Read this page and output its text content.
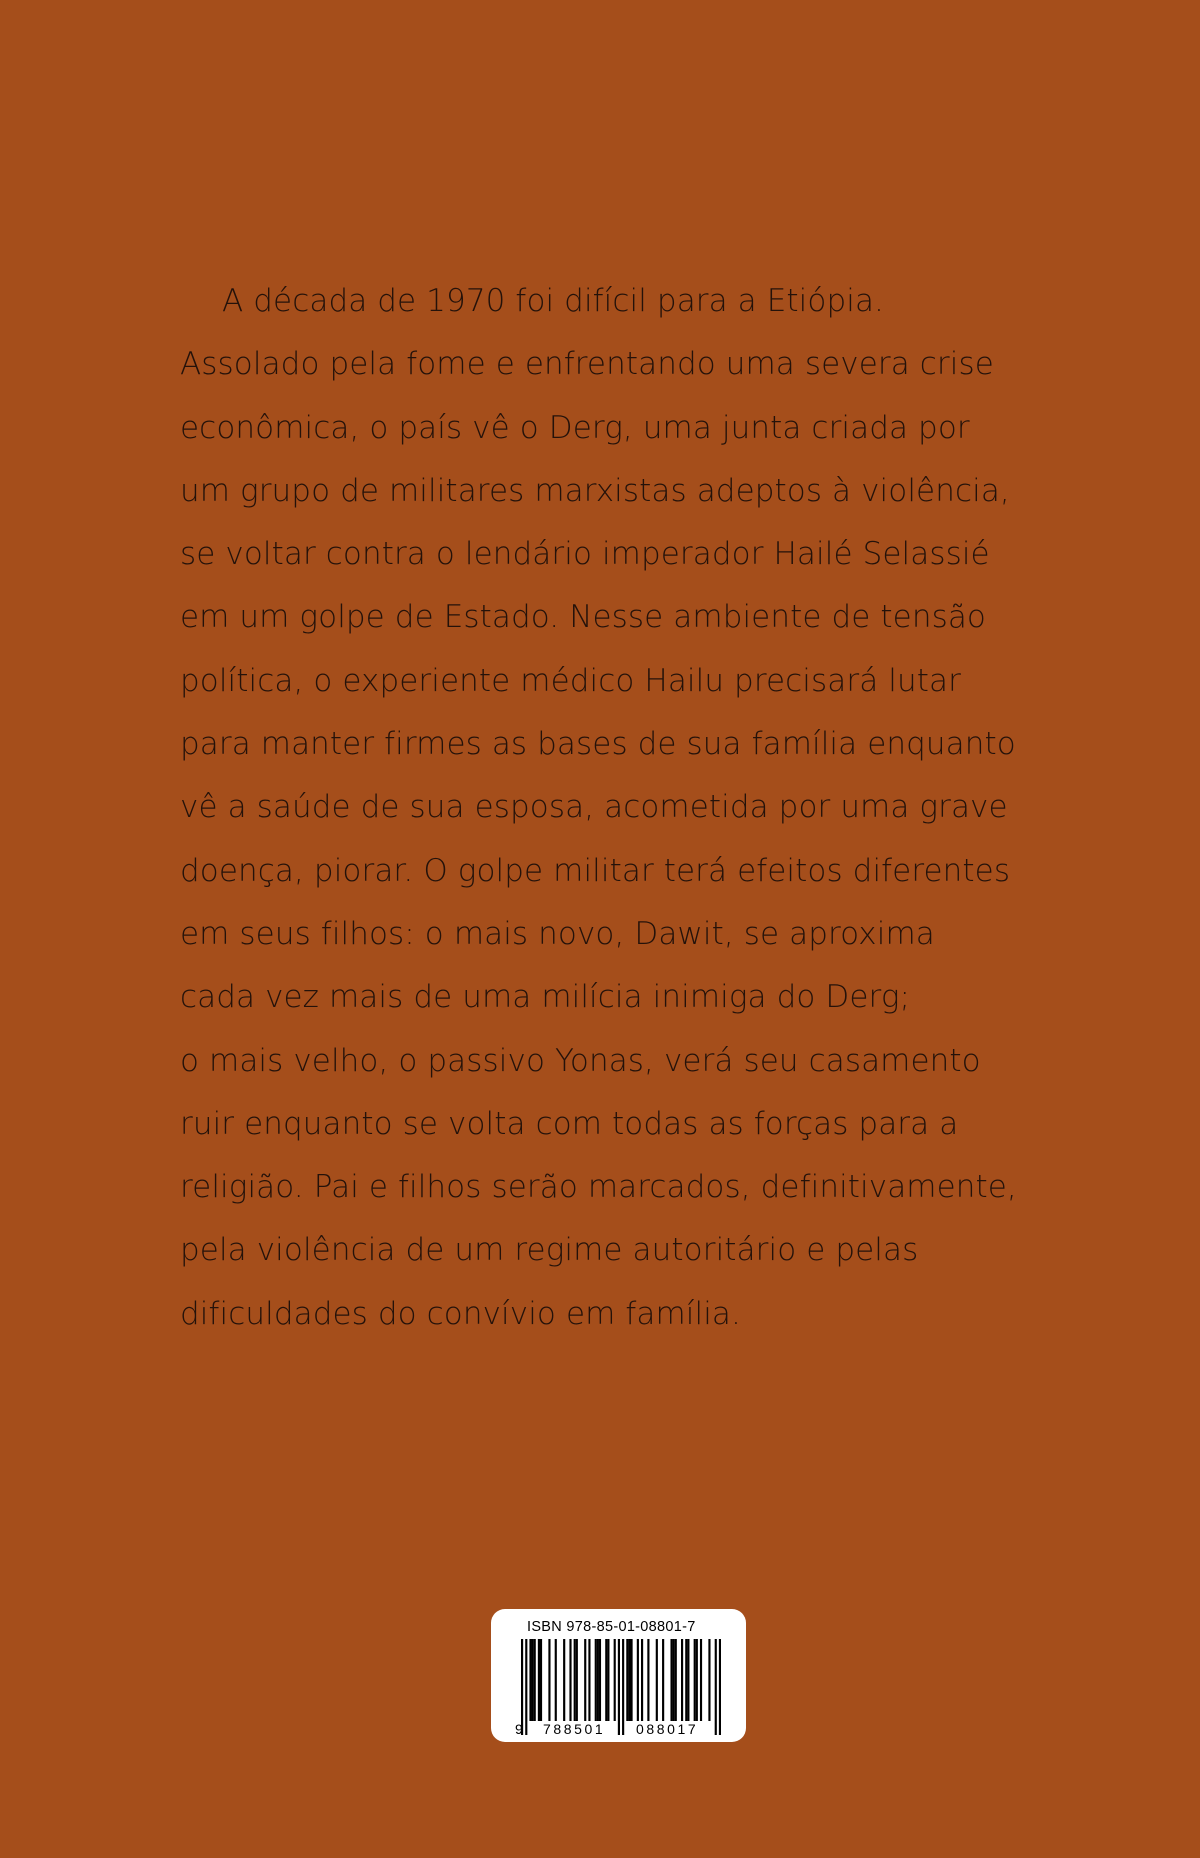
A década de 1970 foi difícil para a Etiópia.
Assolado pela fome e enfrentando uma severa crise
econômica, o país vê o Derg, uma junta criada por
um grupo de militares marxistas adeptos à violência,
se voltar contra o lendário imperador Hailé Selassié
em um golpe de Estado. Nesse ambiente de tensão
política, o experiente médico Hailu precisará lutar
para manter firmes as bases de sua família enquanto
vê a saúde de sua esposa, acometida por uma grave
doença, piorar. O golpe militar terá efeitos diferentes
em seus filhos: o mais novo, Dawit, se aproxima
cada vez mais de uma milícia inimiga do Derg;
o mais velho, o passivo Yonas, verá seu casamento
ruir enquanto se volta com todas as forças para a
religião. Pai e filhos serão marcados, definitivamente,
pela violência de um regime autoritário e pelas
dificuldades do convívio em família.
ISBN 978-85-01-08801-7
9 788501 088017
